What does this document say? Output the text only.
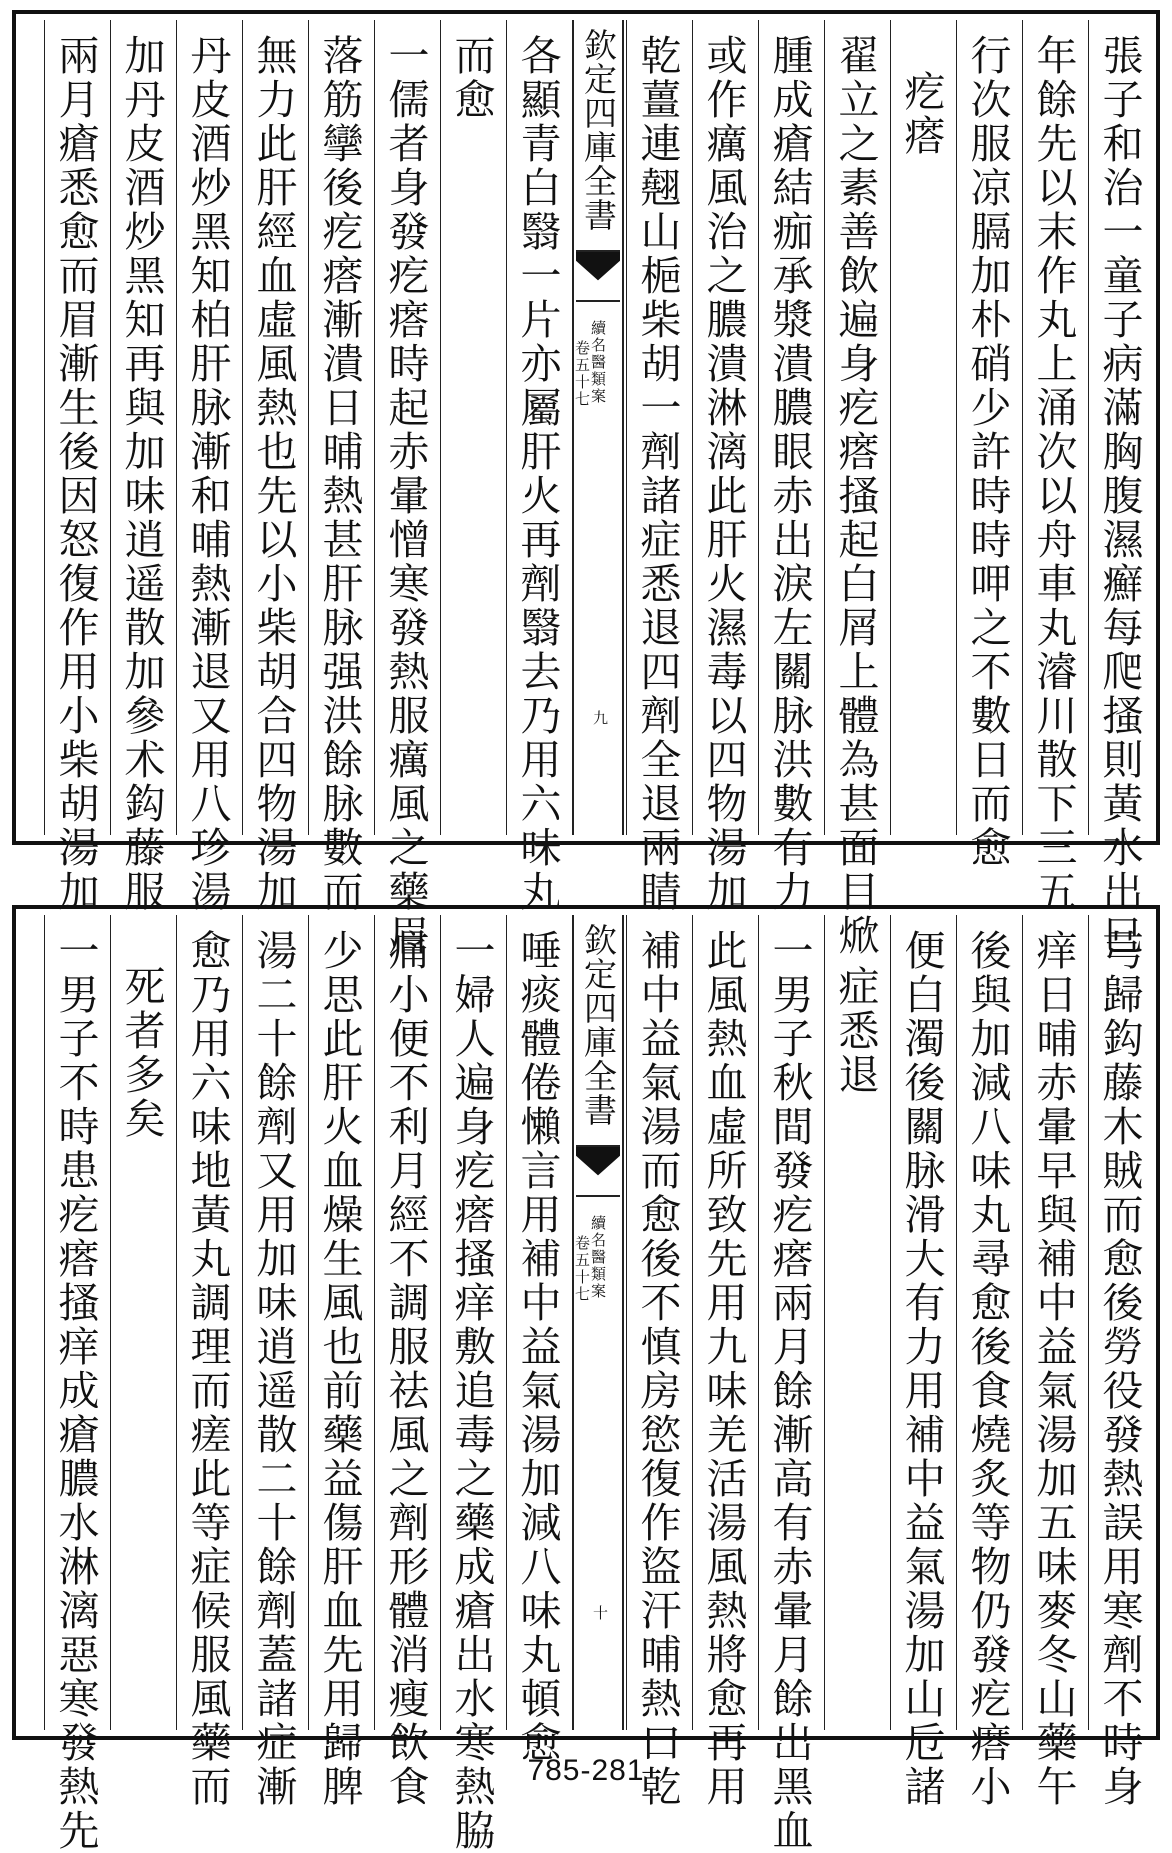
張子和治一童子病滿胸腹濕癬每爬搔則黃水出巳
年餘先以末作丸上涌次以舟車丸濬川散下三五
行次服凉膈加朴硝少許時時呷之不數日而愈
疙瘩
翟立之素善飲遍身疙瘩搔起白屑上體為甚面目焮
腫成瘡結痂承漿潰膿眼赤出淚左關脉洪數有力
或作癘風治之膿潰淋漓此肝火濕毒以四物湯加
乾薑連翹山梔柴胡一劑諸症悉退四劑全退兩睛
欽定四庫全書
續名醫類案
卷五十七
九
各顯青白翳一片亦屬肝火再劑翳去乃用六味丸
而愈
一儒者身發疙瘩時起赤暈憎寒發熱服癘風之藥眉
落筋攣後疙瘩漸潰日晡熱甚肝脉强洪餘脉數而
無力此肝經血虛風熱也先以小柴胡合四物湯加
丹皮酒炒黑知柏肝脉漸和晡熱漸退又用八珍湯
加丹皮酒炒黑知再與加味逍遥散加參术鈎藤服
兩月瘡悉愈而眉漸生後因怒復作用小柴胡湯加
芎歸鈎藤木賊而愈後勞役發熱誤用寒劑不時身
痒日晡赤暈早與補中益氣湯加五味麥冬山藥午
後與加減八味丸尋愈後食燒炙等物仍發疙瘩小
便白濁後關脉滑大有力用補中益氣湯加山卮諸
症悉退
一男子秋間發疙瘩兩月餘漸高有赤暈月餘出黑血
此風熱血虛所致先用九味羌活湯風熱將愈再用
補中益氣湯而愈後不慎房慾復作盜汗晡熱口乾
欽定四庫全書
續名醫類案
卷五十七
十
唾痰體倦懶言用補中益氣湯加減八味丸頓愈
一婦人遍身疙瘩搔痒敷追毒之藥成瘡出水寒熱脇
痛小便不利月經不調服祛風之劑形體消瘦飲食
少思此肝火血燥生風也前藥益傷肝血先用歸脾
湯二十餘劑又用加味逍遥散二十餘劑蓋諸症漸
愈乃用六味地黃丸調理而瘥此等症候服風藥而
死者多矣
一男子不時患疙瘩搔痒成瘡膿水淋漓惡寒發熱先	785-281
